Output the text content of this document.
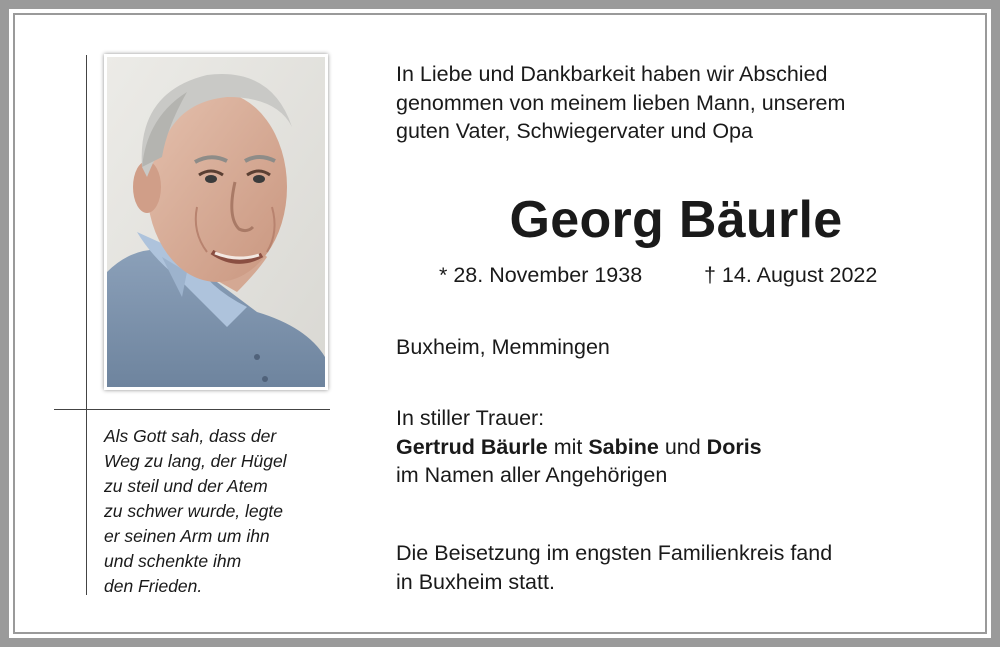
Als Gott sah, dass der
Weg zu lang, der Hügel
zu steil und der Atem
zu schwer wurde, legte
er seinen Arm um ihn
und schenkte ihm
den Frieden.
In Liebe und Dankbarkeit haben wir Abschied
genommen von meinem lieben Mann, unserem
guten Vater, Schwiegervater und Opa
Georg Bäurle
* 28. November 1938	† 14. August 2022
Buxheim, Memmingen
In stiller Trauer:
Gertrud Bäurle mit Sabine und Doris
im Namen aller Angehörigen
Die Beisetzung im engsten Familienkreis fand
in Buxheim statt.
